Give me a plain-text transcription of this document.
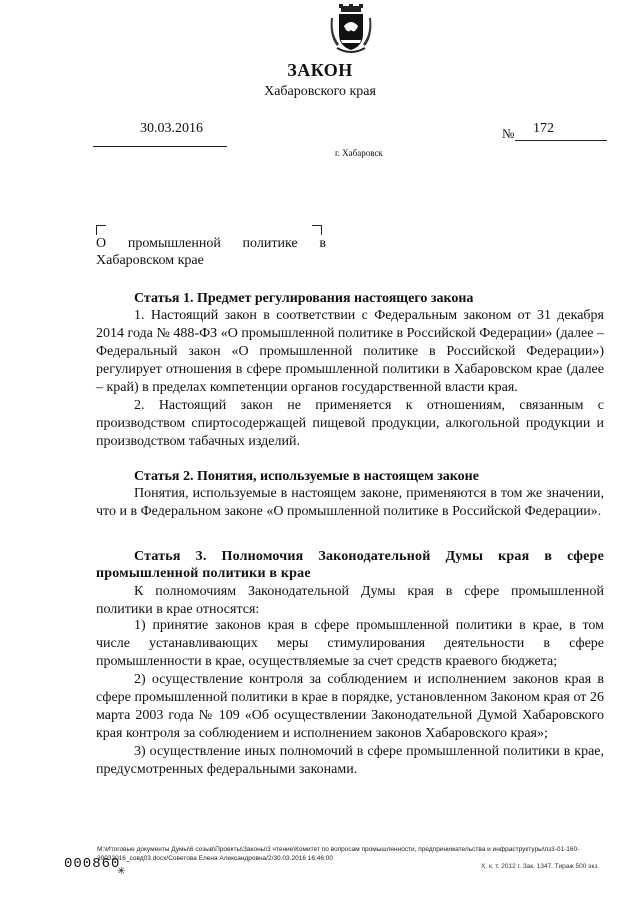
ЗАКОН
Хабаровского края
30.03.2016	№ 172
г. Хабаровск
О промышленной политике в
Хабаровском крае
Статья 1. Предмет регулирования настоящего закона
1. Настоящий закон в соответствии с Федеральным законом от 31 декабря 2014 года № 488-ФЗ «О промышленной политике в Российской Федерации» (далее – Федеральный закон «О промышленной политике в Российской Федерации») регулирует отношения в сфере промышленной политики в Хабаровском крае (далее – край) в пределах компетенции органов государственной власти края.
2. Настоящий закон не применяется к отношениям, связанным с производством спиртосодержащей пищевой продукции, алкогольной продукции и производством табачных изделий.
Статья 2. Понятия, используемые в настоящем законе
Понятия, используемые в настоящем законе, применяются в том же значении, что и в Федеральном законе «О промышленной политике в Российской Федерации».
Статья 3. Полномочия Законодательной Думы края в сфере промышленной политики в крае
К полномочиям Законодательной Думы края в сфере промышленной политики в крае относятся:
1) принятие законов края в сфере промышленной политики в крае, в том числе устанавливающих меры стимулирования деятельности в сфере промышленности в крае, осуществляемые за счет средств краевого бюджета;
2) осуществление контроля за соблюдением и исполнением законов края в сфере промышленной политики в крае в порядке, установленном Законом края от 26 марта 2003 года № 109 «Об осуществлении Законодательной Думой Хабаровского края контроля за соблюдением и исполнением законов Хабаровского края»;
3) осуществление иных полномочий в сфере промышленной политики в крае, предусмотренных федеральными законами.
М:\Итоговые документы Думы\6 созыв\Проекты\Законы\3 чтение\Комитет по вопросам промышленности, предпринимательства и инфраструктуры\пз3-01-160-30032016_совд03.docx/Советова Елена Александровна/2/30.03.2016 16:46:00
000860
✳	Х. к. т. 2012 г. Зак. 1347. Тираж 500 экз.
